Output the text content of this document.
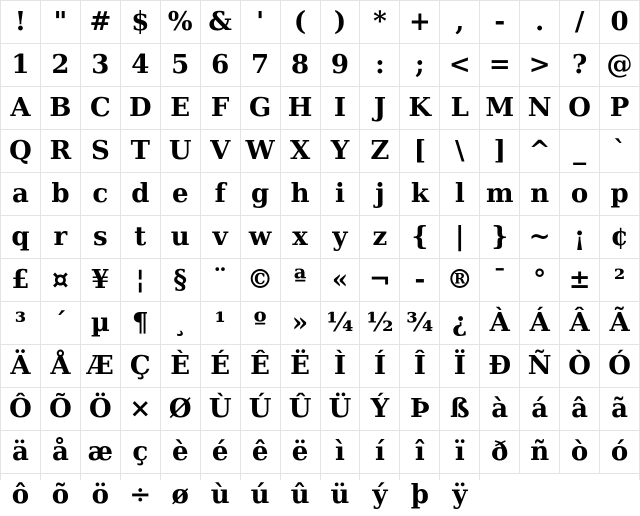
!	" # $ % & '	(	)	* + ,	-	.	/	0
1 2 3 4 5 6 7 8 9	:	; < = > ? @
A B C D E F G H I	J K L M N O P
Q R S T U V W X Y Z [	\	] ^ _	`
a b c d e	f g h i	j	k l m n o p
q r s	t u v w x y z {	|	} ~ ¡ ¢
£ ¤ ¥	¦	§	¨ © ª « ¬ - ® ¯	° ± ²
³	´ µ ¶ ¸	¹	º » ¼ ½ ¾ ¿ À Á Â Ã
Ä Å Æ Ç È É Ê Ë Ì	Í	Î	Ï Ð Ñ Ò Ó
Ô Õ Ö × Ø Ù Ú Û Ü Ý Þ ß à á â ã
ä å æ ç è é ê ë	ì	í	î	ï	ð ñ ò ó
ô õ ö ÷ ø ù ú û ü ý þ ÿ
